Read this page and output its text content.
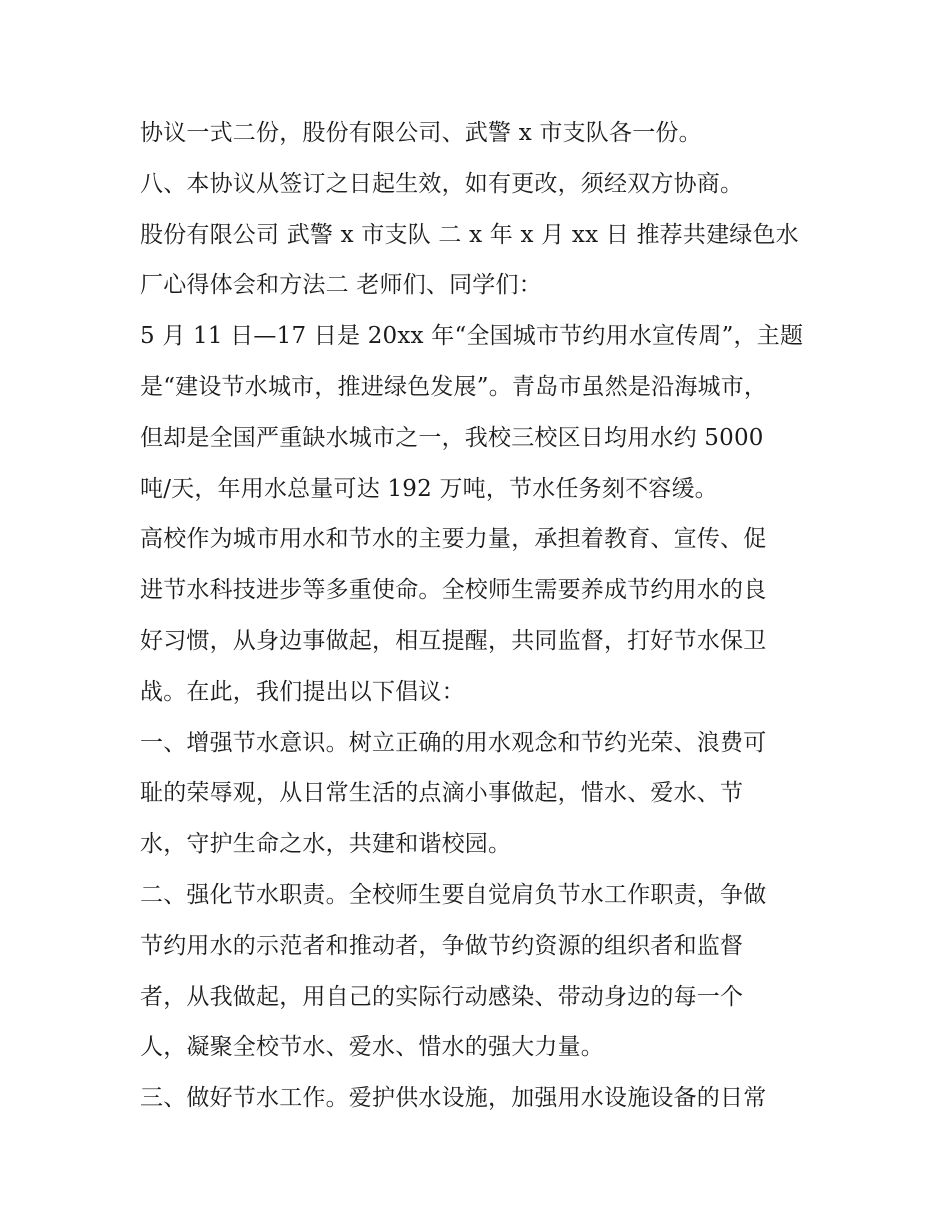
协议一式二份，股份有限公司、武警 x 市支队各一份。
八、本协议从签订之日起生效，如有更改，须经双方协商。
股份有限公司 武警 x 市支队 二 x 年 x 月 xx 日 推荐共建绿色水
厂心得体会和方法二 老师们、同学们：
5 月 11 日—17 日是 20xx 年“全国城市节约用水宣传周”，主题
是“建设节水城市，推进绿色发展”。青岛市虽然是沿海城市，
但却是全国严重缺水城市之一，我校三校区日均用水约 5000
吨/天，年用水总量可达 192 万吨，节水任务刻不容缓。
高校作为城市用水和节水的主要力量，承担着教育、宣传、促
进节水科技进步等多重使命。全校师生需要养成节约用水的良
好习惯，从身边事做起，相互提醒，共同监督，打好节水保卫
战。在此，我们提出以下倡议：
一、增强节水意识。树立正确的用水观念和节约光荣、浪费可
耻的荣辱观，从日常生活的点滴小事做起，惜水、爱水、节
水，守护生命之水，共建和谐校园。
二、强化节水职责。全校师生要自觉肩负节水工作职责，争做
节约用水的示范者和推动者，争做节约资源的组织者和监督
者，从我做起，用自己的实际行动感染、带动身边的每一个
人，凝聚全校节水、爱水、惜水的强大力量。
三、做好节水工作。爱护供水设施，加强用水设施设备的日常
